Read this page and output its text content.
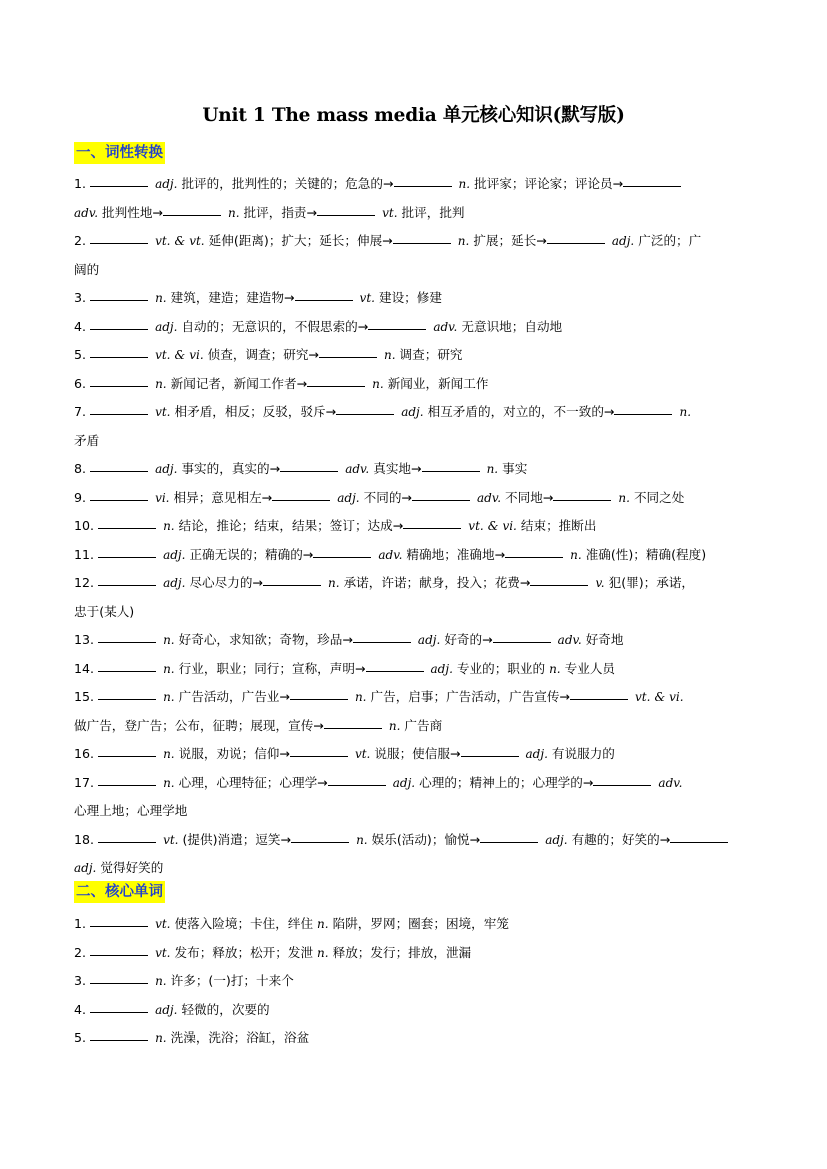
Unit 1 The mass media 单元核心知识(默写版)
一、词性转换
1.	adj. 批评的，批判性的；关键的；危急的→	n. 批评家；评论家；评论员→
adv. 批判性地→	n. 批评，指责→	vt. 批评，批判
2.	vt. & vt. 延伸(距离)；扩大；延长；伸展→	n. 扩展；延长→	adj. 广泛的；广
阔的
3.	n. 建筑，建造；建造物→	vt. 建设；修建
4.	adj. 自动的；无意识的，不假思索的→	adv. 无意识地；自动地
5.	vt. & vi. 侦查，调查；研究→	n. 调查；研究
6.	n. 新闻记者，新闻工作者→	n. 新闻业，新闻工作
7.	vt. 相矛盾，相反；反驳，驳斥→	adj. 相互矛盾的，对立的，不一致的→	n.
矛盾
8.	adj. 事实的，真实的→	adv. 真实地→	n. 事实
9.	vi. 相异；意见相左→	adj. 不同的→	adv. 不同地→	n. 不同之处
10.	n. 结论，推论；结束，结果；签订；达成→	vt. & vi. 结束；推断出
11.	adj. 正确无误的；精确的→	adv. 精确地；准确地→	n. 准确(性)；精确(程度)
12.	adj. 尽心尽力的→	n. 承诺，许诺；献身，投入；花费→	v. 犯(罪)；承诺，
忠于(某人)
13.	n. 好奇心，求知欲；奇物，珍品→	adj. 好奇的→	adv. 好奇地
14.	n. 行业，职业；同行；宣称，声明→	adj. 专业的；职业的 n. 专业人员
15.	n. 广告活动，广告业→	n. 广告，启事；广告活动，广告宣传→	vt. & vi.
做广告，登广告；公布，征聘；展现，宣传→	n. 广告商
16.	n. 说服，劝说；信仰→	vt. 说服；使信服→	adj. 有说服力的
17.	n. 心理，心理特征；心理学→	adj. 心理的；精神上的；心理学的→	adv.
心理上地；心理学地
18.	vt. (提供)消遣；逗笑→	n. 娱乐(活动)；愉悦→	adj. 有趣的；好笑的→
adj. 觉得好笑的
二、核心单词
1.	vt. 使落入险境；卡住，绊住 n. 陷阱，罗网；圈套；困境，牢笼
2.	vt. 发布；释放；松开；发泄 n. 释放；发行；排放，泄漏
3.	n. 许多；(一)打；十来个
4.	adj. 轻微的，次要的
5.	n. 洗澡，洗浴；浴缸，浴盆
